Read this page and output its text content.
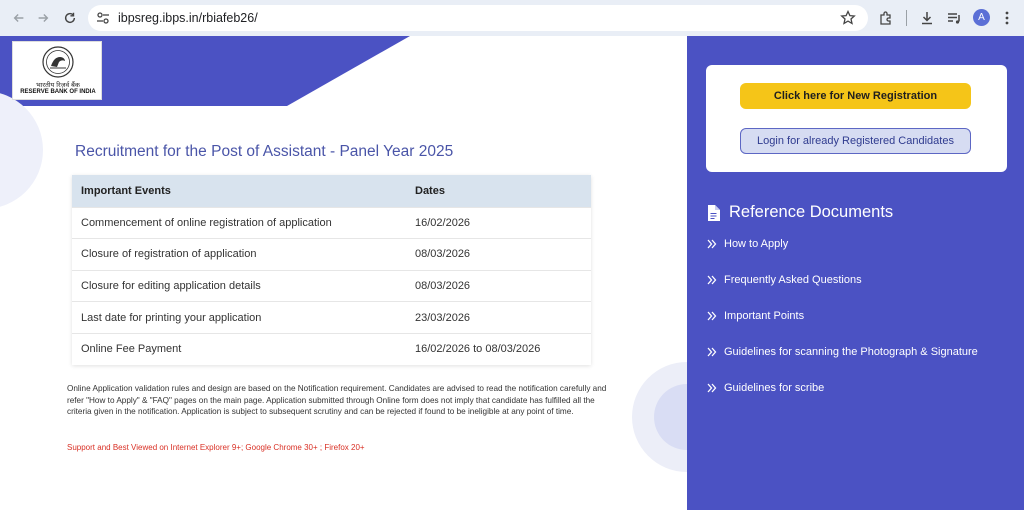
ibpsreg.ibps.in/rbiafeb26/	A
भारतीय रिज़र्व बैंक
RESERVE BANK OF INDIA
Recruitment for the Post of Assistant - Panel Year 2025
Important Events	Dates
Commencement of online registration of application	16/02/2026
Closure of registration of application	08/03/2026
Closure for editing application details	08/03/2026
Last date for printing your application	23/03/2026
Online Fee Payment	16/02/2026 to 08/03/2026

Online Application validation rules and design are based on the Notification requirement. Candidates are advised to read the notification carefully and refer "How to Apply" & "FAQ" pages on the main page. Application submitted through Online form does not imply that candidate has fulfilled all the criteria given in the notification. Application is subject to subsequent scrutiny and can be rejected if found to be ineligible at any point of time.

Support and Best Viewed on Internet Explorer 9+; Google Chrome 30+ ; Firefox 20+

Click here for New Registration
Login for already Registered Candidates
Reference Documents
How to Apply
Frequently Asked Questions
Important Points
Guidelines for scanning the Photograph & Signature
Guidelines for scribe
